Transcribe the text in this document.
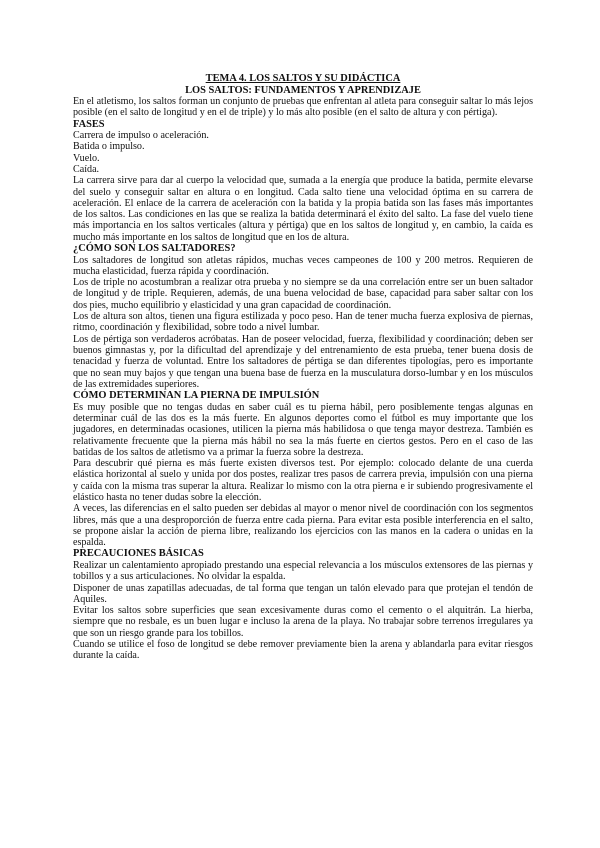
TEMA 4. LOS SALTOS Y SU DIDÁCTICA
LOS SALTOS: FUNDAMENTOS Y APRENDIZAJE

En el atletismo, los saltos forman un conjunto de pruebas que enfrentan al atleta para conseguir saltar lo más lejos posible (en el salto de longitud y en el de triple) y lo más alto posible (en el salto de altura y con pértiga).

FASES

Carrera de impulso o aceleración.

Batida o impulso.

Vuelo.

Caída.

La carrera sirve para dar al cuerpo la velocidad que, sumada a la energía que produce la batida, permite elevarse del suelo y conseguir saltar en altura o en longitud. Cada salto tiene una velocidad óptima en su carrera de aceleración. El enlace de la carrera de aceleración con la batida y la propia batida son las fases más importantes de los saltos. Las condiciones en las que se realiza la batida determinará el éxito del salto. La fase del vuelo tiene más importancia en los saltos verticales (altura y pértiga) que en los saltos de longitud y, en cambio, la caída es mucho más importante en los saltos de longitud que en los de altura.

¿CÓMO SON LOS SALTADORES?

Los saltadores de longitud son atletas rápidos, muchas veces campeones de 100 y 200 metros. Requieren de mucha elasticidad, fuerza rápida y coordinación.

Los de triple no acostumbran a realizar otra prueba y no siempre se da una correlación entre ser un buen saltador de longitud y de triple. Requieren, además, de una buena velocidad de base, capacidad para saber saltar con los dos pies, mucho equilibrio y elasticidad y una gran capacidad de coordinación.

Los de altura son altos, tienen una figura estilizada y poco peso. Han de tener mucha fuerza explosiva de piernas, ritmo, coordinación y flexibilidad, sobre todo a nivel lumbar.

Los de pértiga son verdaderos acróbatas. Han de poseer velocidad, fuerza, flexibilidad y coordinación; deben ser buenos gimnastas y, por la dificultad del aprendizaje y del entrenamiento de esta prueba, tener buena dosis de tenacidad y fuerza de voluntad. Entre los saltadores de pértiga se dan diferentes tipologías, pero es importante que no sean muy bajos y que tengan una buena base de fuerza en la musculatura dorso-lumbar y en los músculos de las extremidades superiores.

CÓMO DETERMINAN LA PIERNA DE IMPULSIÓN

Es muy posible que no tengas dudas en saber cuál es tu pierna hábil, pero posiblemente tengas algunas en determinar cuál de las dos es la más fuerte. En algunos deportes como el fútbol es muy importante que los jugadores, en determinadas ocasiones, utilicen la pierna más habilidosa o que tenga mayor destreza. También es relativamente frecuente que la pierna más hábil no sea la más fuerte en ciertos gestos. Pero en el caso de las batidas de los saltos de atletismo va a primar la fuerza sobre la destreza.

Para descubrir qué pierna es más fuerte existen diversos test. Por ejemplo: colocado delante de una cuerda elástica horizontal al suelo y unida por dos postes, realizar tres pasos de carrera previa, impulsión con una pierna y caída con la misma tras superar la altura. Realizar lo mismo con la otra pierna e ir subiendo progresivamente el elástico hasta no tener dudas sobre la elección.

A veces, las diferencias en el salto pueden ser debidas al mayor o menor nivel de coordinación con los segmentos libres, más que a una desproporción de fuerza entre cada pierna. Para evitar esta posible interferencia en el salto, se propone aislar la acción de pierna libre, realizando los ejercicios con las manos en la cadera o unidas en la espalda.

PRECAUCIONES BÁSICAS

Realizar un calentamiento apropiado prestando una especial relevancia a los músculos extensores de las piernas y tobillos y a sus articulaciones. No olvidar la espalda.

Disponer de unas zapatillas adecuadas, de tal forma que tengan un talón elevado para que protejan el tendón de Aquiles.

Evitar los saltos sobre superficies que sean excesivamente duras como el cemento o el alquitrán. La hierba, siempre que no resbale, es un buen lugar e incluso la arena de la playa. No trabajar sobre terrenos irregulares ya que son un riesgo grande para los tobillos.

Cuando se utilice el foso de longitud se debe remover previamente bien la arena y ablandarla para evitar riesgos durante la caída.
